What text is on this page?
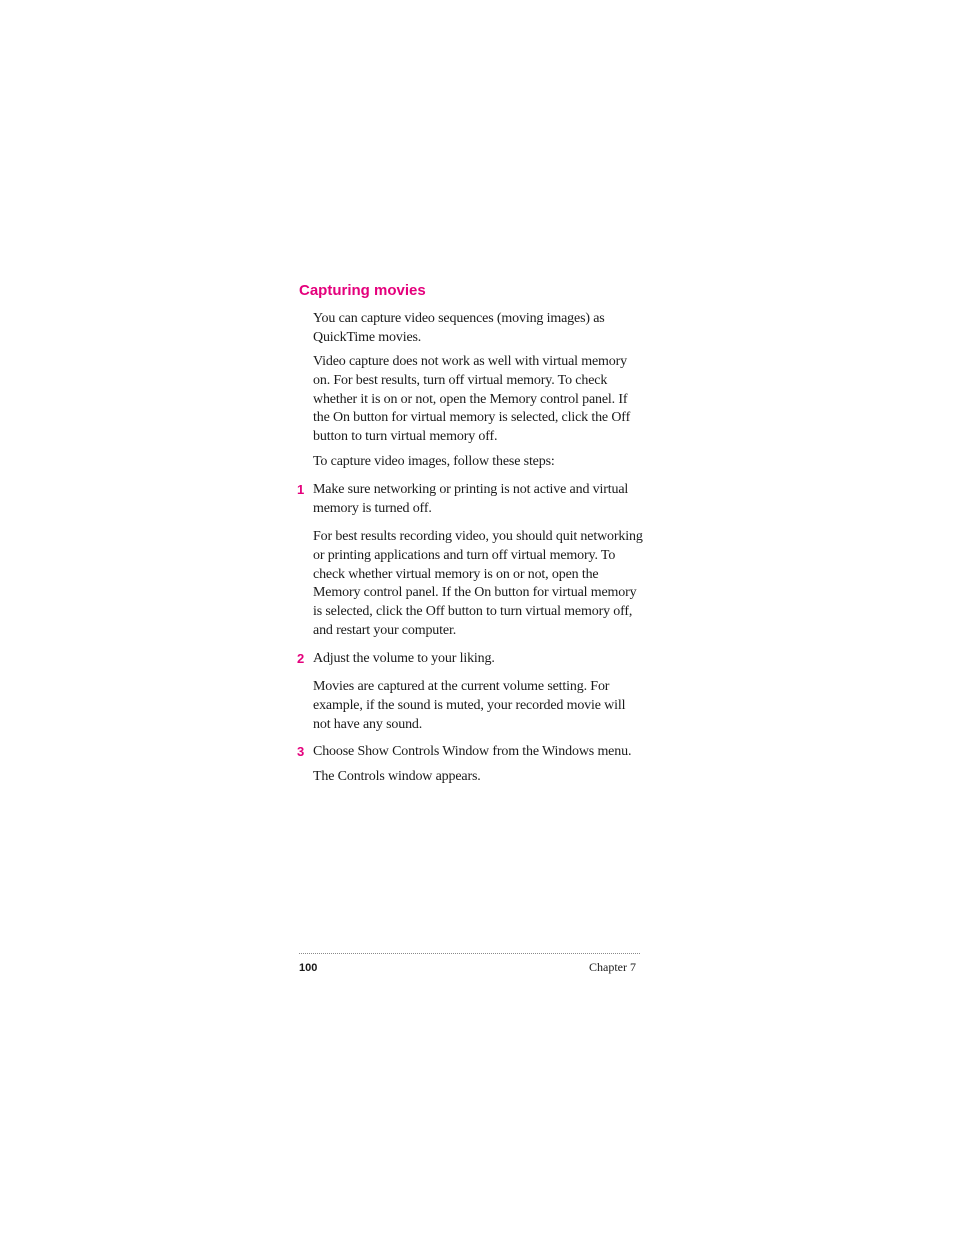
Capturing movies

You can capture video sequences (moving images) as QuickTime movies.

Video capture does not work as well with virtual memory on. For best results, turn off virtual memory. To check whether it is on or not, open the Memory control panel. If the On button for virtual memory is selected, click the Off button to turn virtual memory off.

To capture video images, follow these steps:

1 Make sure networking or printing is not active and virtual memory is turned off.

For best results recording video, you should quit networking or printing applications and turn off virtual memory. To check whether virtual memory is on or not, open the Memory control panel. If the On button for virtual memory is selected, click the Off button to turn virtual memory off, and restart your computer.

2 Adjust the volume to your liking.

Movies are captured at the current volume setting. For example, if the sound is muted, your recorded movie will not have any sound.

3 Choose Show Controls Window from the Windows menu.

The Controls window appears.

100	Chapter 7
